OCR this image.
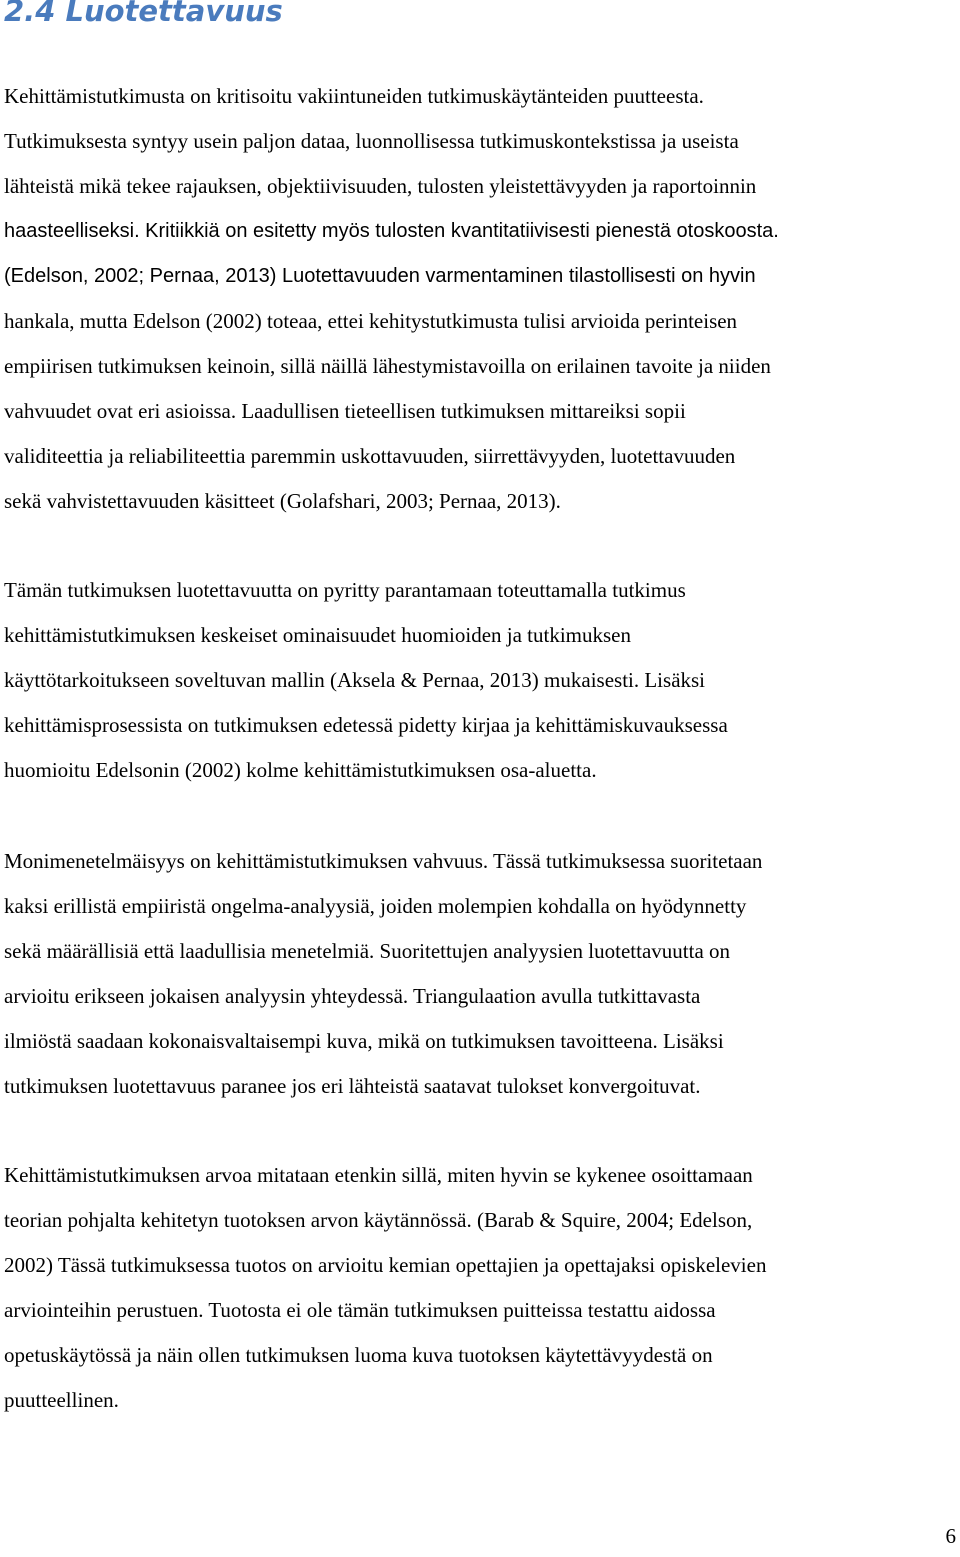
2.4 Luotettavuus
Kehittämistutkimusta on kritisoitu vakiintuneiden tutkimuskäytänteiden puutteesta.
Tutkimuksesta syntyy usein paljon dataa, luonnollisessa tutkimuskontekstissa ja useista
lähteistä mikä tekee rajauksen, objektiivisuuden, tulosten yleistettävyyden ja raportoinnin
haasteelliseksi. Kritiikkiä on esitetty myös tulosten kvantitatiivisesti pienestä otoskoosta.
(Edelson, 2002; Pernaa, 2013) Luotettavuuden varmentaminen tilastollisesti on hyvin
hankala, mutta Edelson (2002) toteaa, ettei kehitystutkimusta tulisi arvioida perinteisen
empiirisen tutkimuksen keinoin, sillä näillä lähestymistavoilla on erilainen tavoite ja niiden
vahvuudet ovat eri asioissa. Laadullisen tieteellisen tutkimuksen mittareiksi sopii
validiteettia ja reliabiliteettia paremmin uskottavuuden, siirrettävyyden, luotettavuuden
sekä vahvistettavuuden käsitteet (Golafshari, 2003; Pernaa, 2013).
Tämän tutkimuksen luotettavuutta on pyritty parantamaan toteuttamalla tutkimus
kehittämistutkimuksen keskeiset ominaisuudet huomioiden ja tutkimuksen
käyttötarkoitukseen soveltuvan mallin (Aksela & Pernaa, 2013) mukaisesti. Lisäksi
kehittämisprosessista on tutkimuksen edetessä pidetty kirjaa ja kehittämiskuvauksessa
huomioitu Edelsonin (2002) kolme kehittämistutkimuksen osa-aluetta.
Monimenetelmäisyys on kehittämistutkimuksen vahvuus. Tässä tutkimuksessa suoritetaan
kaksi erillistä empiiristä ongelma-analyysiä, joiden molempien kohdalla on hyödynnetty
sekä määrällisiä että laadullisia menetelmiä. Suoritettujen analyysien luotettavuutta on
arvioitu erikseen jokaisen analyysin yhteydessä. Triangulaation avulla tutkittavasta
ilmiöstä saadaan kokonaisvaltaisempi kuva, mikä on tutkimuksen tavoitteena. Lisäksi
tutkimuksen luotettavuus paranee jos eri lähteistä saatavat tulokset konvergoituvat.
Kehittämistutkimuksen arvoa mitataan etenkin sillä, miten hyvin se kykenee osoittamaan
teorian pohjalta kehitetyn tuotoksen arvon käytännössä. (Barab & Squire, 2004; Edelson,
2002) Tässä tutkimuksessa tuotos on arvioitu kemian opettajien ja opettajaksi opiskelevien
arviointeihin perustuen. Tuotosta ei ole tämän tutkimuksen puitteissa testattu aidossa
opetuskäytössä ja näin ollen tutkimuksen luoma kuva tuotoksen käytettävyydestä on
puutteellinen.
6
